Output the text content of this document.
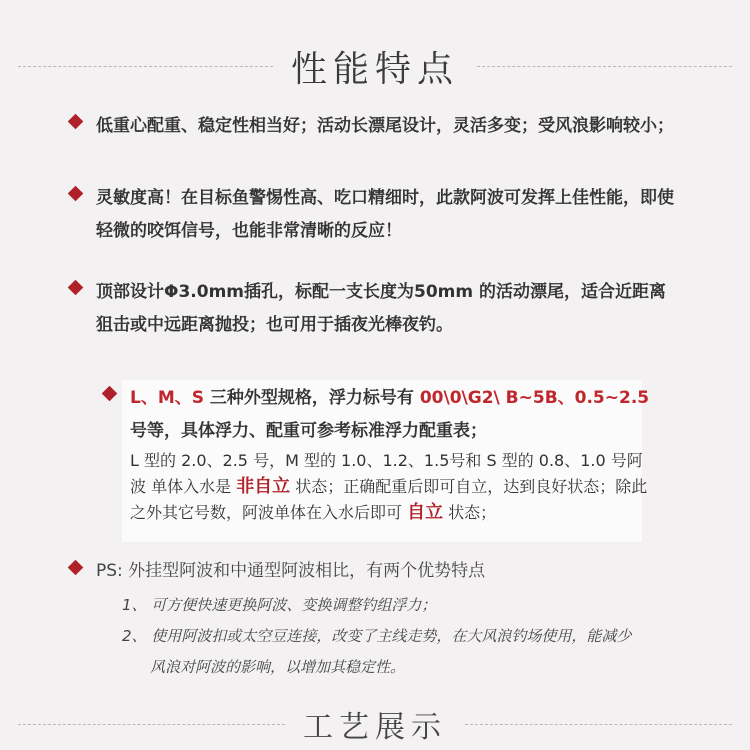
性能特点

低重心配重、稳定性相当好；活动长漂尾设计，灵活多变；受风浪影响较小；

灵敏度高！在目标鱼警惕性高、吃口精细时，此款阿波可发挥上佳性能，即使轻微的咬饵信号，也能非常清晰的反应！

顶部设计Φ3.0mm插孔，标配一支长度为50mm 的活动漂尾，适合近距离狙击或中远距离抛投；也可用于插夜光棒夜钓。

L、M、S 三种外型规格，浮力标号有 00\0\G2\ B~5B、0.5~2.5号等，具体浮力、配重可参考标准浮力配重表；

L 型的 2.0、2.5 号，M 型的 1.0、1.2、1.5号和 S 型的 0.8、1.0 号阿波 单体入水是 非自立 状态；正确配重后即可自立，达到良好状态；除此之外其它号数，阿波单体在入水后即可 自立 状态；

PS: 外挂型阿波和中通型阿波相比，有两个优势特点

1、 可方便快速更换阿波、变换调整钓组浮力；

2、 使用阿波扣或太空豆连接，改变了主线走势，在大风浪钓场使用，能减少风浪对阿波的影响，以增加其稳定性。

工艺展示
